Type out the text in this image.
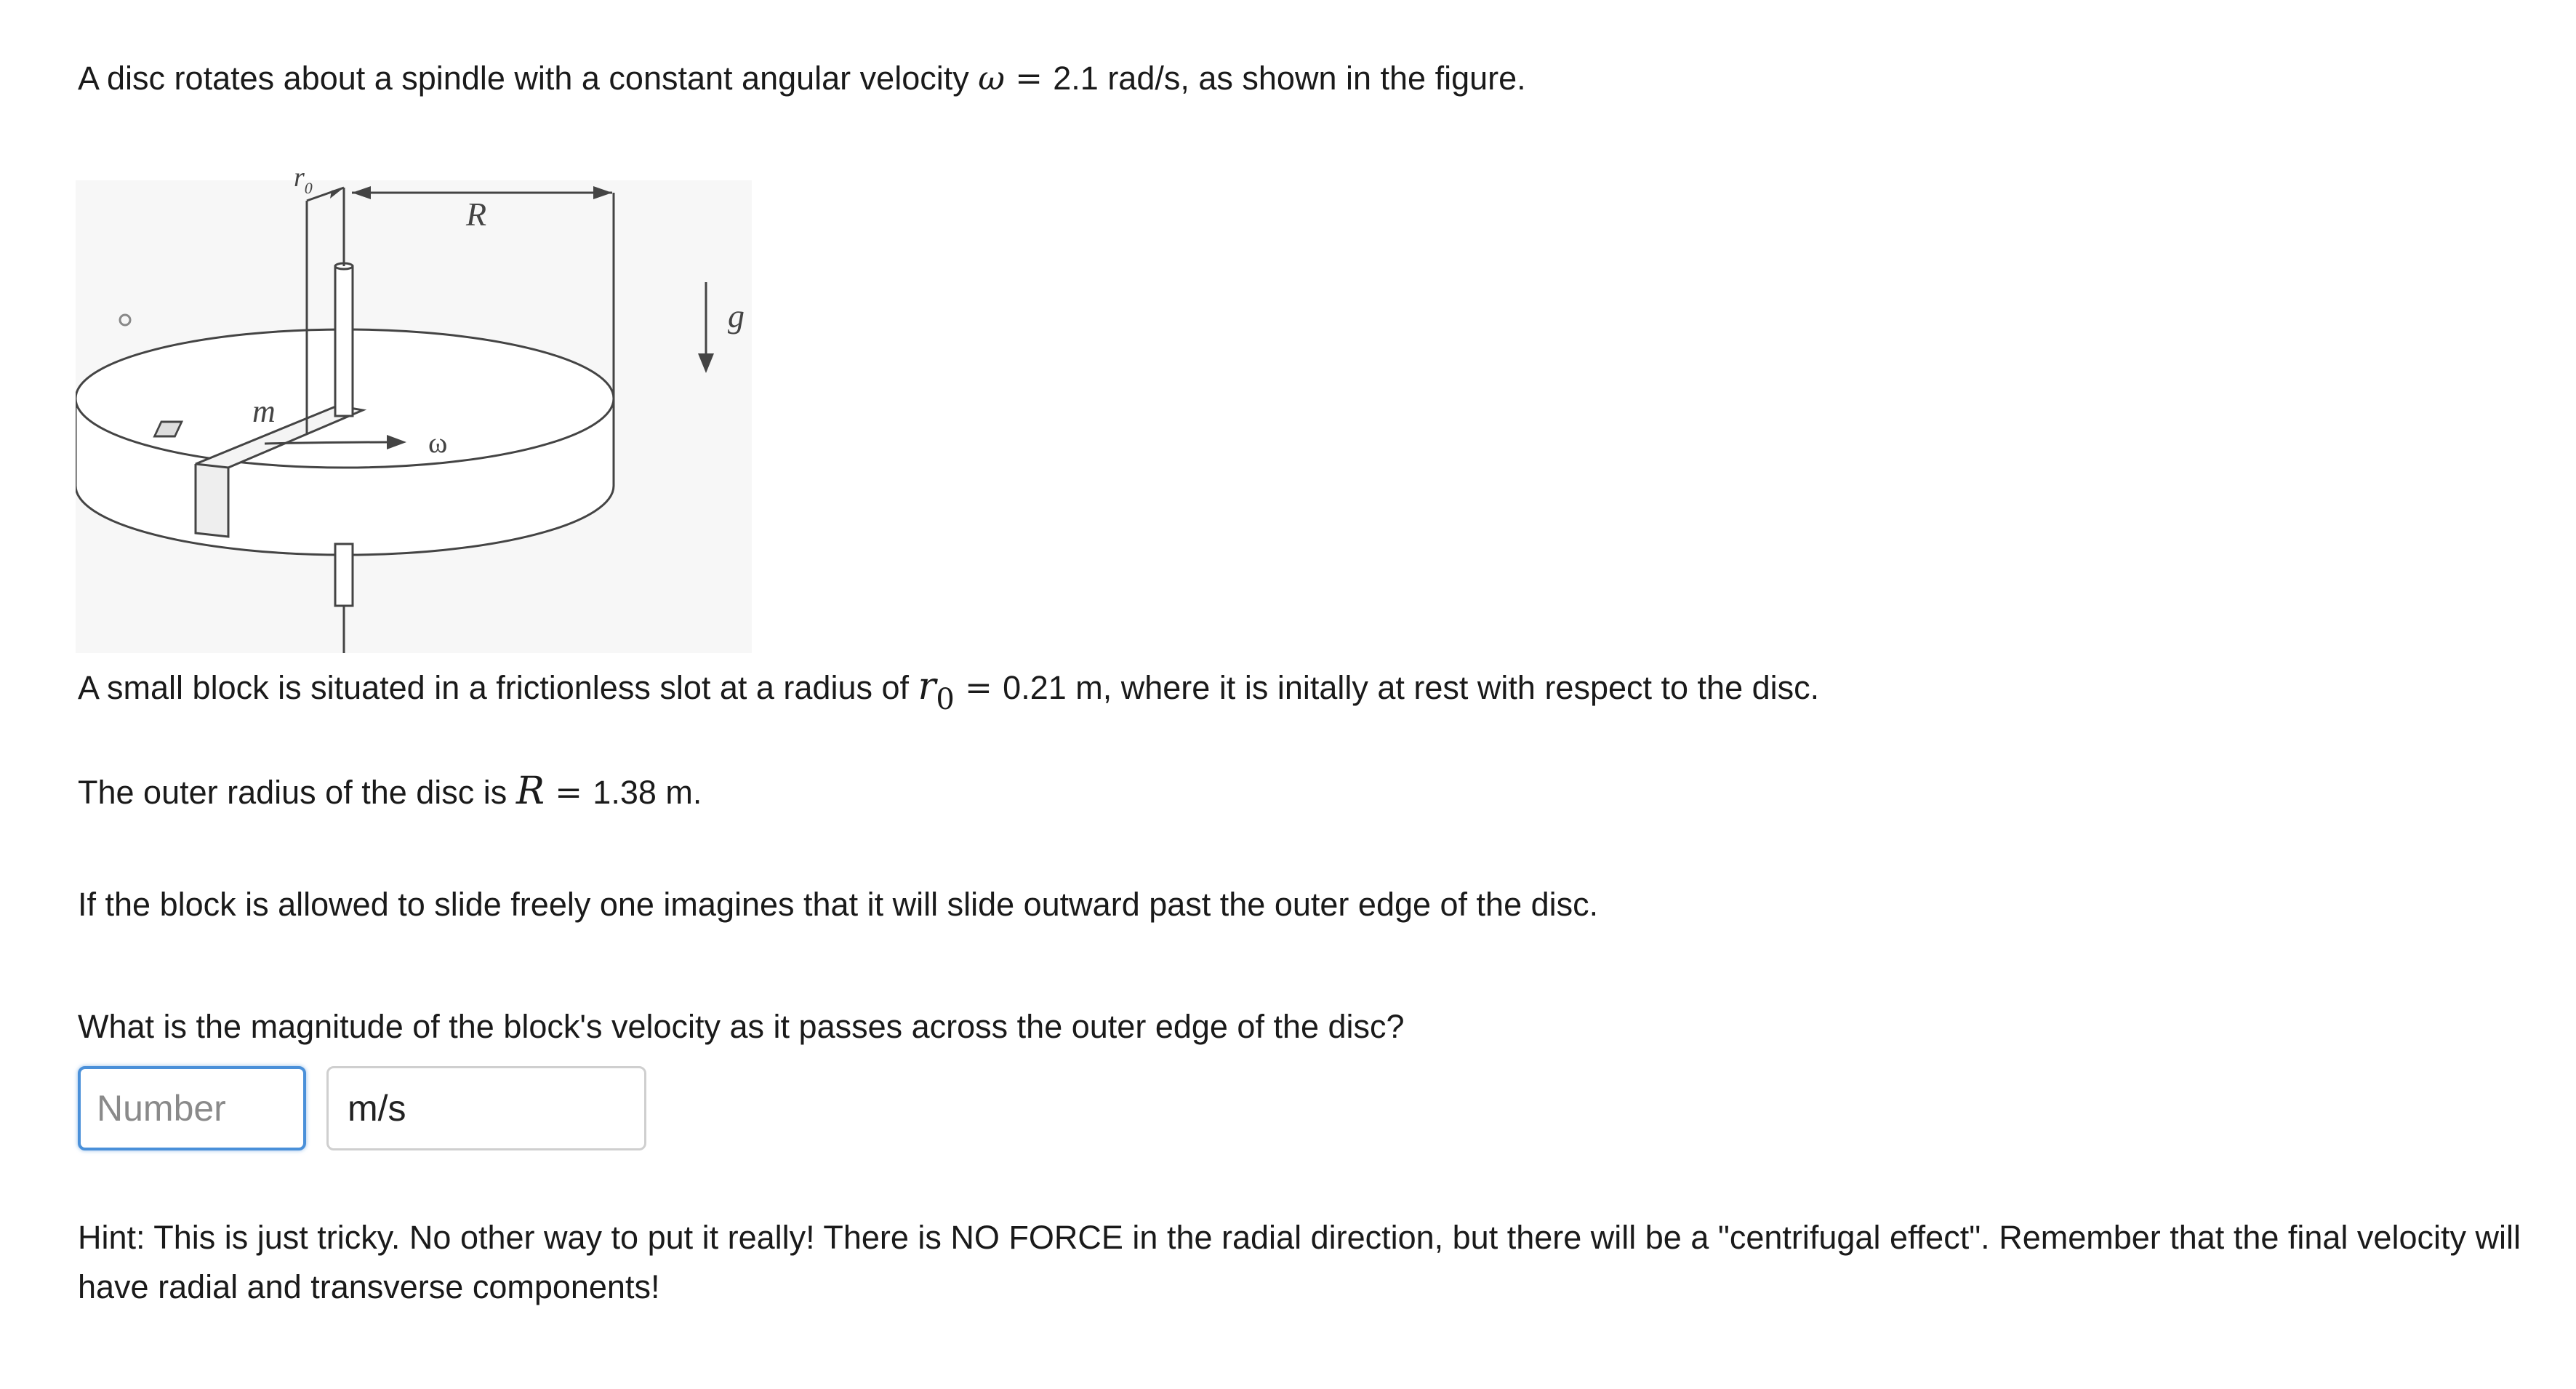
A disc rotates about a spindle with a constant angular velocity ω = 2.1 rad/s, as shown in the figure.
$r_0$
R
g
m
ω
A small block is situated in a frictionless slot at a radius of r0 = 0.21 m, where it is initally at rest with respect to the disc.
The outer radius of the disc is R = 1.38 m.
If the block is allowed to slide freely one imagines that it will slide outward past the outer edge of the disc.
What is the magnitude of the block's velocity as it passes across the outer edge of the disc?
Number
m/s
Hint: This is just tricky. No other way to put it really! There is NO FORCE in the radial direction, but there will be a "centrifugal effect". Remember that the final velocity will have radial and transverse components!
